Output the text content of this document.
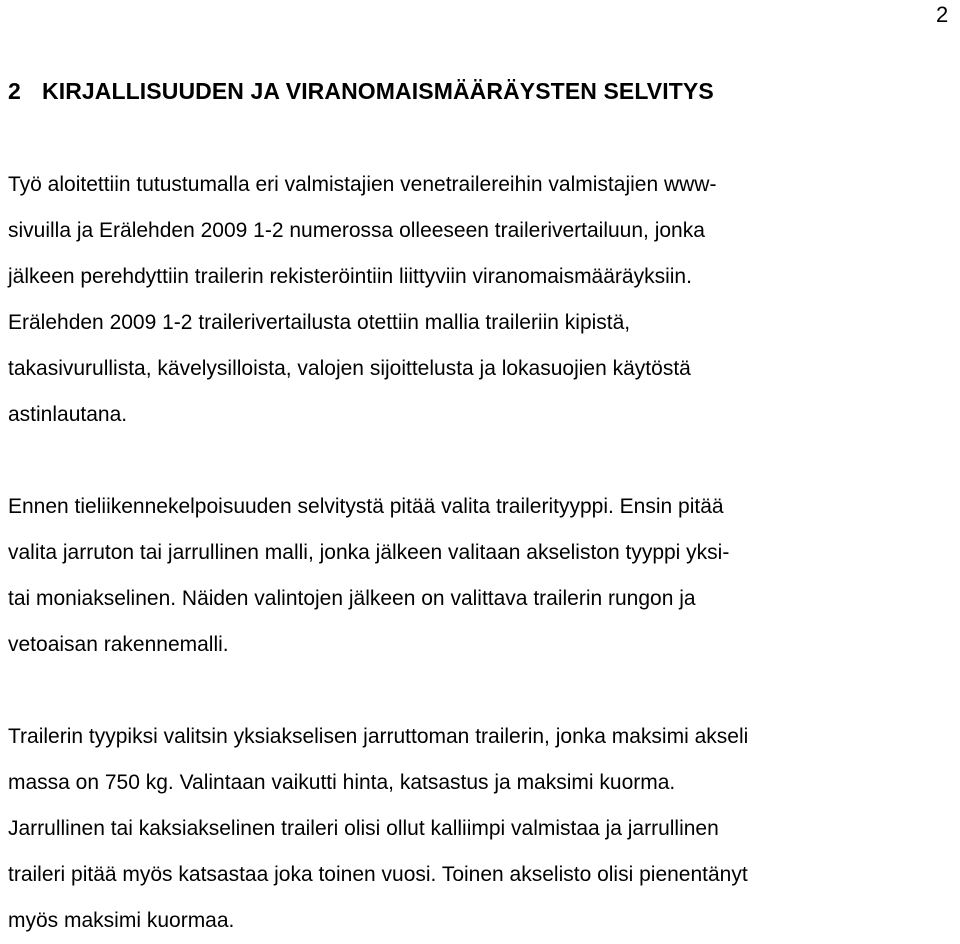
2
2 KIRJALLISUUDEN JA VIRANOMAISMÄÄRÄYSTEN SELVITYS

Työ aloitettiin tutustumalla eri valmistajien venetrailereihin valmistajien www-
sivuilla ja Erälehden 2009 1-2 numerossa olleeseen trailerivertailuun, jonka
jälkeen perehdyttiin trailerin rekisteröintiin liittyviin viranomaismääräyksiin.
Erälehden 2009 1-2 trailerivertailusta otettiin mallia traileriin kipistä,
takasivurullista, kävelysilloista, valojen sijoittelusta ja lokasuojien käytöstä
astinlautana.

Ennen tieliikennekelpoisuuden selvitystä pitää valita trailerityyppi. Ensin pitää
valita jarruton tai jarrullinen malli, jonka jälkeen valitaan akseliston tyyppi yksi-
tai moniakselinen. Näiden valintojen jälkeen on valittava trailerin rungon ja
vetoaisan rakennemalli.

Trailerin tyypiksi valitsin yksiakselisen jarruttoman trailerin, jonka maksimi akseli
massa on 750 kg. Valintaan vaikutti hinta, katsastus ja maksimi kuorma.
Jarrullinen tai kaksiakselinen traileri olisi ollut kalliimpi valmistaa ja jarrullinen
traileri pitää myös katsastaa joka toinen vuosi. Toinen akselisto olisi pienentänyt
myös maksimi kuormaa.
